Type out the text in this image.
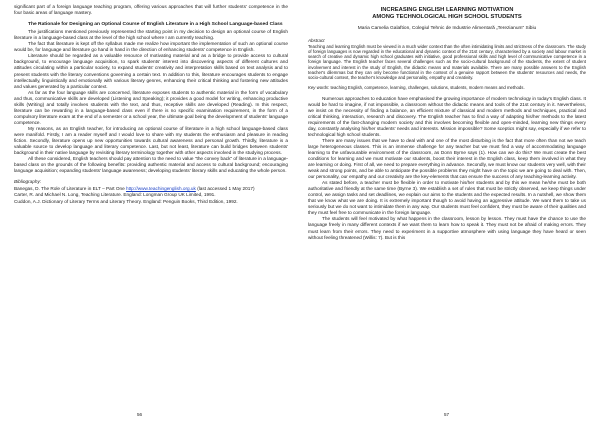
significant part of a foreign language teaching program, offering various approaches that will further students' competence in the four basic areas of language mastery.

The Rationale for Designing an Optional Course of English Literature in a High School Language-based Class

The justifications mentioned previously represented the starting point in my decision to design an optional course of English literature in a language-based class at the level of the high school where I am currently teaching.

The fact that literature is kept off the syllabus made me realize how important the implementation of such an optional course would be, for language and literature go hand in hand in the direction of enhancing students' competence in English.

Literature should be regarded as a valuable resource of motivating material and as a bridge to provide access to cultural background, to encourage language acquisition, to spark students' interest into discovering aspects of different cultures and attitudes circulating within a particular society, to expand students' creativity and interpretation skills based on text analysis and to present students with the literary conventions governing a certain text. In addition to this, literature encourages students to engage intellectually, linguistically and emotionally with various literary genres, enhancing their critical thinking and fostering new attitudes and values generated by a particular context.

As far as the four language skills are concerned, literature exposes students to authentic material in the form of vocabulary and thus, communicative skills are developed (Listening and Speaking); it provides a good model for writing, enhancing productive skills (Writing) and totally involves students with the text, and thus, receptive skills are developed (Reading). In this respect, literature can be rewarding in a language-based class even if there is no specific examination requirement, in the form of a compulsory literature exam at the end of a semester or a school year, the ultimate goal being the development of students' language competence.

My reasons, as an English teacher, for introducing an optional course of literature in a high school language-based class were manifold. Firstly, I am a reader myself and I would love to share with my students the enthusiasm and pleasure in reading fiction. Secondly, literature opens up new opportunities towards cultural awareness and personal growth. Thirdly, literature is a valuable source to develop language and literary competence. Last, but not least, literature can build bridges between students' background in their native language by revisiting literary terminology together with other aspects involved in the studying process.

All these considered, English teachers should pay attention to the need to value "the convey back" of literature in a language-based class on the grounds of the following benefits: providing authentic material and access to cultural background; encouraging language acquisition; expanding students' language awareness; developing students' literary skills and educating the whole person.

Bibliography:

Banegas, D. The Role of Literature in ELT – Part One http://www.teachingenglish.org.uk (last accessed 1 May 2017)

Carter, R. and Michael N. Long, Teaching Literature. England: Longman Group UK Limited, 1991.

Cuddon, A.J. Dictionary of Literary Terms and Literary Theory. England: Penguin Books, Third Edition, 1992.

56

INCREASING ENGLISH LEARNING MOTIVATION

AMONG TECHNOLOGICAL HIGH SCHOOL STUDENTS

Maria Camelia Galaftion, Colegiul Tehnic de Industrie Alimentară „Terezianum" Sibiu

Abstract

Teaching and learning English must be viewed in a much wider context than the often intimidating limits and strictness of the classroom. The study of foreign languages is now regarded in the educational and dynamic context of the 21st century, characterised by a society and labour market in search of creative and dynamic high school graduates with initiative, good professional skills and high level of communicative competence in a foreign language. The English teacher faces several challenges such as the socio-cultural background of the students, the extent of student involvement and interest in the study of English, the didactic means and materials available. There are many possible answers to the English teacher's dilemmas but they can only become functional in the context of a genuine rapport between the students' resources and needs, the socio-cultural context, the teacher's knowledge and personality, empathy and creativity.

Key words: teaching English, competence, learning, challenges, solutions, students, modern means and methods.

Numerous approaches to education have emphasised the growing importance of modern technology in today's English class. It would be hard to imagine, if not impossible, a classroom without the didactic means and tools of the 21st century in it. Nevertheless, we insist on the necessity of finding a balance, an efficient mixture of classical and modern methods and techniques, practical and critical thinking, interaction, research and discovery. The English teacher has to find a way of adapting his/her methods to the latest requirements of the fast-changing modern society and this involves becoming flexible and open-minded, learning new things every day, constantly analysing his/her students' needs and interests. Mission impossible? Some sceptics might say, especially if we refer to technological high school students.

There are many issues that we have to deal with and one of the most disturbing is the fact that more often than not we teach large heterogeneous classes. This is an immense challenge for any teacher but we must find a way of accommodating language learning to the unfavourable environment of the classroom, as Donn Byrne says (1). How can we do this? We must create the best conditions for learning and we must motivate our students, boost their interest in the English class, keep them involved in what they are learning or doing. First of all, we need to prepare everything in advance. Secondly, we must know our students very well, with their weak and strong points, and be able to anticipate the possible problems they might have on the topic we are going to deal with. Then, our personality, our empathy and our creativity are the key-elements that can ensure the success of any teaching-learning activity.

As stated before, a teacher must be flexible in order to motivate his/her students and by this we mean he/she must be both authoritative and friendly at the same time (Byrne 3). We establish a set of rules that must be strictly observed, we keep things under control, we assign tasks and set deadlines, we explain our aims to the students and the expected results. In a nutshell, we show them that we know what we are doing. It is extremely important though to avoid having an aggressive attitude. We want them to take us seriously but we do not want to intimidate them in any way. Our students must feel confident, they must be aware of their qualities and they must feel free to communicate in the foreign language.

The students will feel motivated by what happens in the classroom, lesson by lesson. They must have the chance to use the language freely in many different contexts if we want them to learn how to speak it. They must not be afraid of making errors. They must learn from their errors. They need to experiment in a supportive atmosphere with using language they have heard or seen without feeling threatened (Willis: 7). But is this

57
